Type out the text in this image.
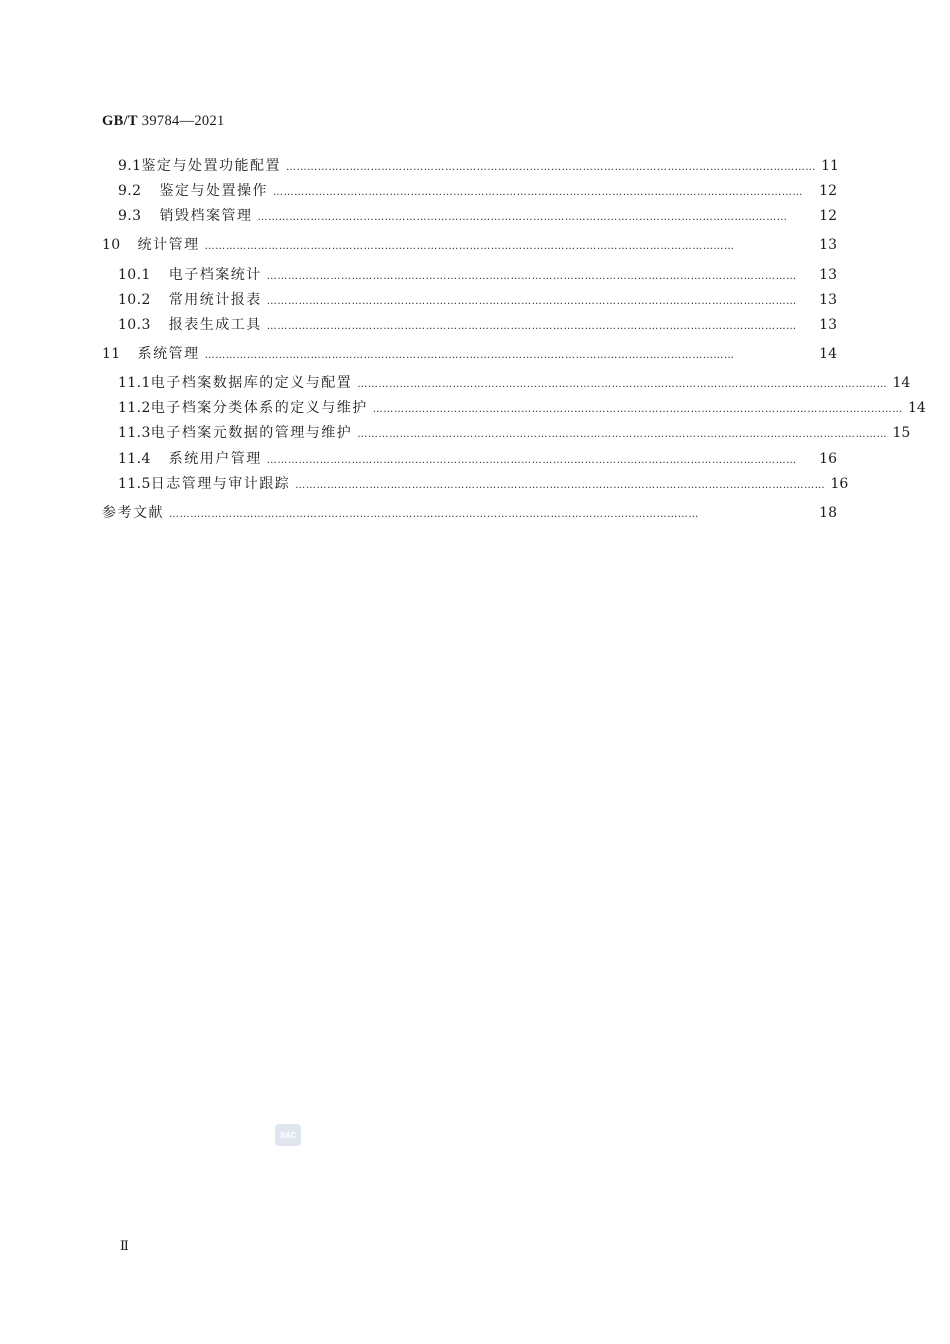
GB/T 39784—2021
9.1 鉴定与处置功能配置 …………………………………………………………………………………………………………………………………… 11
9.2 鉴定与处置操作 ……………………………………………………………………………………………………………………………………	12
9.3 销毁档案管理 ……………………………………………………………………………………………………………………………………	12
10 统计管理 ……………………………………………………………………………………………………………………………………	13
10.1 电子档案统计 ……………………………………………………………………………………………………………………………………	13
10.2 常用统计报表 ……………………………………………………………………………………………………………………………………	13
10.3 报表生成工具 ……………………………………………………………………………………………………………………………………	13
11 系统管理 ……………………………………………………………………………………………………………………………………	14
11.1 电子档案数据库的定义与配置 …………………………………………………………………………………………………………………………………… 14
11.2 电子档案分类体系的定义与维护 …………………………………………………………………………………………………………………………………… 14
11.3 电子档案元数据的管理与维护 …………………………………………………………………………………………………………………………………… 15
11.4 系统用户管理 ……………………………………………………………………………………………………………………………………	16
11.5 日志管理与审计跟踪 …………………………………………………………………………………………………………………………………… 16
参考文献 ……………………………………………………………………………………………………………………………………	18
SAC
Ⅱ
